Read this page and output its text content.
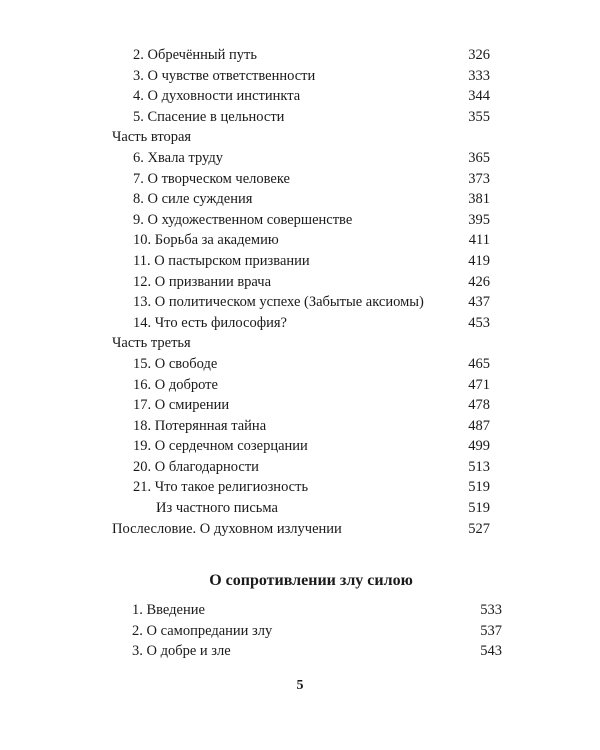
2. Обречённый путь	326
3. О чувстве ответственности	333
4. О духовности инстинкта	344
5. Спасение в цельности	355
Часть вторая
6. Хвала труду	365
7. О творческом человеке	373
8. О силе суждения	381
9. О художественном совершенстве	395
10. Борьба за академию	411
11. О пастырском призвании	419
12. О призвании врача	426
13. О политическом успехе (Забытые аксиомы)	437
14. Что есть философия?	453
Часть третья
15. О свободе	465
16. О доброте	471
17. О смирении	478
18. Потерянная тайна	487
19. О сердечном созерцании	499
20. О благодарности	513
21. Что такое религиозность	519
Из частного письма	519
Послесловие. О духовном излучении	527
О сопротивлении злу силою
1. Введение	533
2. О самопредании злу	537
3. О добре и зле	543
5
